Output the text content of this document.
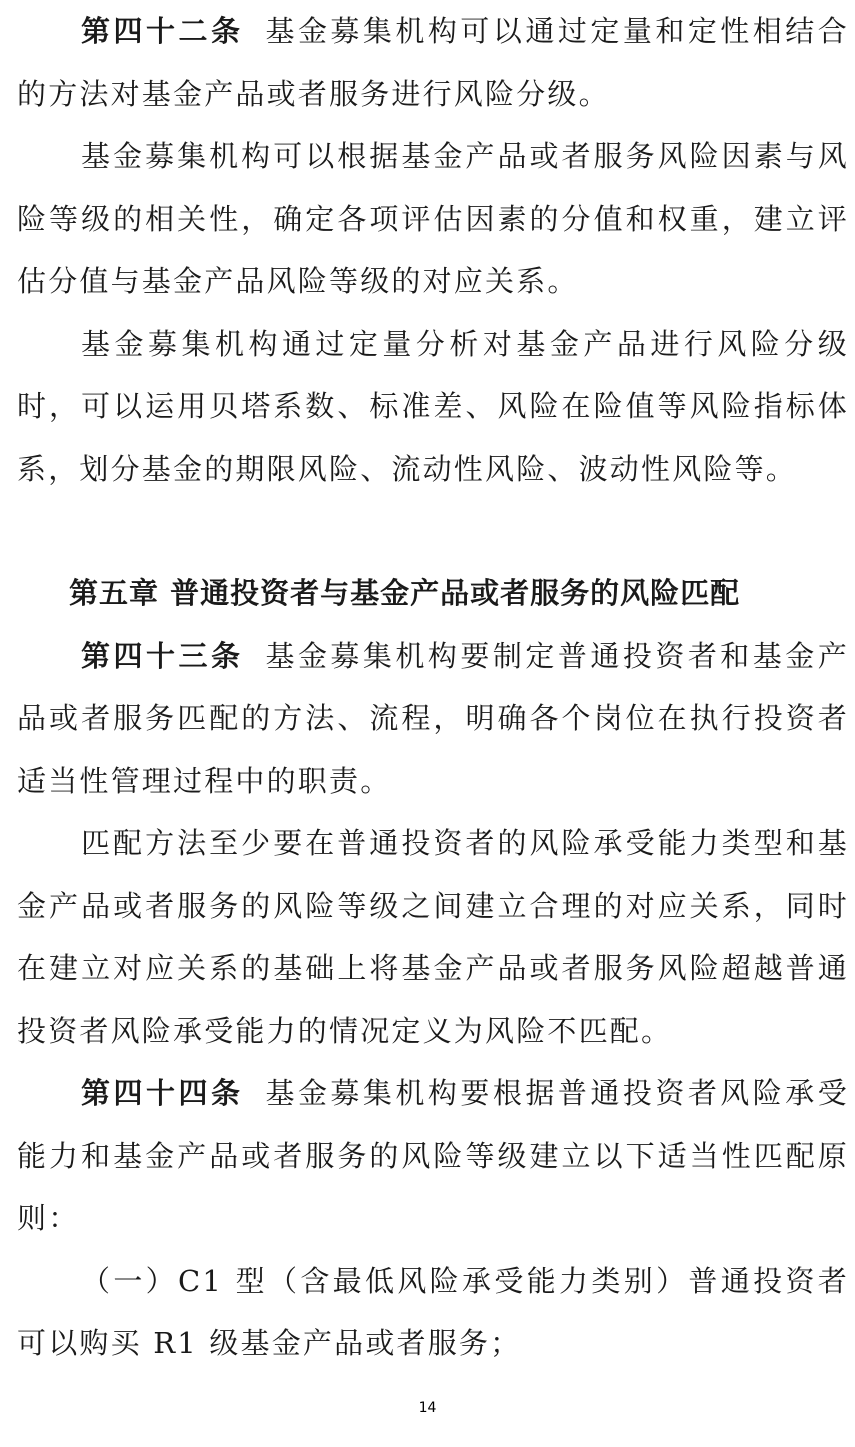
第四十二条 基金募集机构可以通过定量和定性相结合的方法对基金产品或者服务进行风险分级。

基金募集机构可以根据基金产品或者服务风险因素与风险等级的相关性，确定各项评估因素的分值和权重，建立评估分值与基金产品风险等级的对应关系。

基金募集机构通过定量分析对基金产品进行风险分级时，可以运用贝塔系数、标准差、风险在险值等风险指标体系，划分基金的期限风险、流动性风险、波动性风险等。

第五章 普通投资者与基金产品或者服务的风险匹配

第四十三条 基金募集机构要制定普通投资者和基金产品或者服务匹配的方法、流程，明确各个岗位在执行投资者适当性管理过程中的职责。

匹配方法至少要在普通投资者的风险承受能力类型和基金产品或者服务的风险等级之间建立合理的对应关系，同时在建立对应关系的基础上将基金产品或者服务风险超越普通投资者风险承受能力的情况定义为风险不匹配。

第四十四条 基金募集机构要根据普通投资者风险承受能力和基金产品或者服务的风险等级建立以下适当性匹配原则：

（一）C1 型（含最低风险承受能力类别）普通投资者可以购买 R1 级基金产品或者服务；

14
